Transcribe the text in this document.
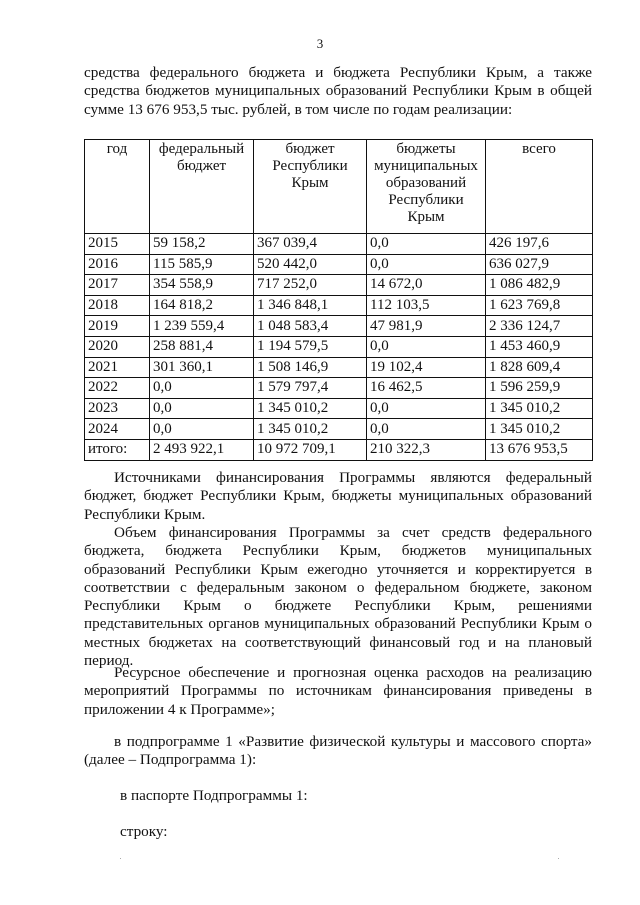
3

средства федерального бюджета и бюджета Республики Крым, а также средства бюджетов муниципальных образований Республики Крым в общей сумме 13 676 953,5 тыс. рублей, в том числе по годам реализации:

год	федеральный бюджет	бюджет Республики Крым	бюджеты муниципальных образований Республики Крым	всего
2015	59 158,2	367 039,4	0,0	426 197,6
2016	115 585,9	520 442,0	0,0	636 027,9
2017	354 558,9	717 252,0	14 672,0	1 086 482,9
2018	164 818,2	1 346 848,1	112 103,5	1 623 769,8
2019	1 239 559,4	1 048 583,4	47 981,9	2 336 124,7
2020	258 881,4	1 194 579,5	0,0	1 453 460,9
2021	301 360,1	1 508 146,9	19 102,4	1 828 609,4
2022	0,0	1 579 797,4	16 462,5	1 596 259,9
2023	0,0	1 345 010,2	0,0	1 345 010,2
2024	0,0	1 345 010,2	0,0	1 345 010,2
итого:	2 493 922,1	10 972 709,1	210 322,3	13 676 953,5

Источниками финансирования Программы являются федеральный бюджет, бюджет Республики Крым, бюджеты муниципальных образований Республики Крым.

Объем финансирования Программы за счет средств федерального бюджета, бюджета Республики Крым, бюджетов муниципальных образований Республики Крым ежегодно уточняется и корректируется в соответствии с федеральным законом о федеральном бюджете, законом Республики Крым о бюджете Республики Крым, решениями представительных органов муниципальных образований Республики Крым о местных бюджетах на соответствующий финансовый год и на плановый период.

Ресурсное обеспечение и прогнозная оценка расходов на реализацию мероприятий Программы по источникам финансирования приведены в приложении 4 к Программе»;

в подпрограмме 1 «Развитие физической культуры и массового спорта» (далее – Подпрограмма 1):

в паспорте Подпрограммы 1:

строку:
